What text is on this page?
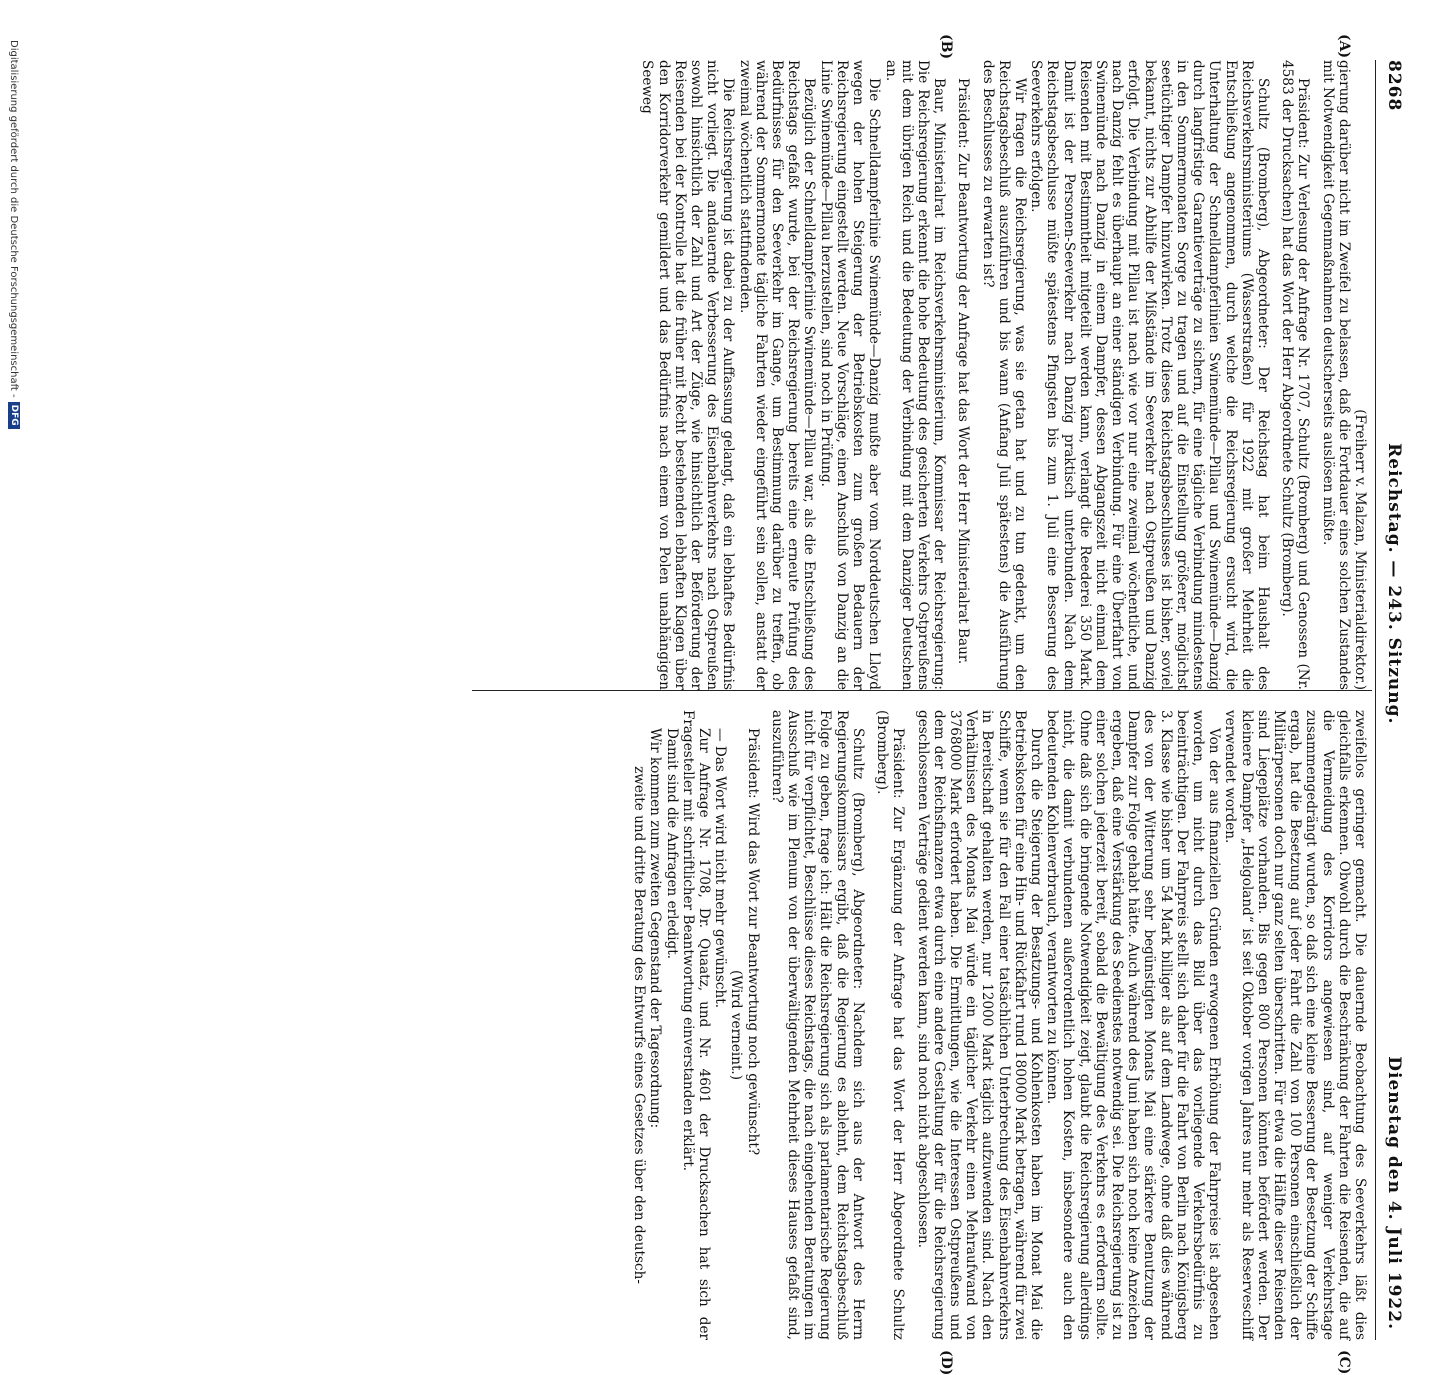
8268
Reichstag. — 243. Sitzung.
Dienstag den 4. Juli 1922.
(A)
(B)
(C)
(D)

(Freiherr v. Malzan, Ministerialdirektor.)

gierung darüber nicht im Zweifel zu belassen, daß die Fortdauer eines solchen Zustandes mit Notwendigkeit Gegenmaßnahmen deutscherseits auslösen müßte.

Präsident: Zur Verlesung der Anfrage Nr. 1707, Schultz (Bromberg) und Genossen (Nr. 4583 der Drucksachen) hat das Wort der Herr Abgeordnete Schultz (Bromberg).

Schultz (Bromberg), Abgeordneter: Der Reichstag hat beim Haushalt des Reichsverkehrsministeriums (Wasserstraßen) für 1922 mit großer Mehrheit die Entschließung angenommen, durch welche die Reichsregierung ersucht wird, die Unterhaltung der Schnelldampferlinien Swinemünde—Pillau und Swinemünde—Danzig durch langfristige Garantieverträge zu sichern, für eine tägliche Verbindung mindestens in den Sommermonaten Sorge zu tragen und auf die Einstellung größerer, möglichst seetüchtiger Dampfer hinzuwirken. Trotz dieses Reichstagsbeschlusses ist bisher, soviel bekannt, nichts zur Abhilfe der Mißstände im Seeverkehr nach Ostpreußen und Danzig erfolgt. Die Verbindung mit Pillau ist nach wie vor nur eine zweimal wöchentliche, und nach Danzig fehlt es überhaupt an einer ständigen Verbindung. Für eine Überfahrt von Swinemünde nach Danzig in einem Dampfer, dessen Abgangszeit nicht einmal dem Reisenden mit Bestimmtheit mitgeteilt werden kann, verlangt die Reederei 350 Mark. Damit ist der Personen-Seeverkehr nach Danzig praktisch unterbunden. Nach dem Reichstagsbeschlusse müßte spätestens Pfingsten bis zum 1. Juli eine Besserung des Seeverkehrs erfolgen.

Wir fragen die Reichsregierung, was sie getan hat und zu tun gedenkt, um den Reichstagsbeschluß auszuführen und bis wann (Anfang Juli spätestens) die Ausführung des Beschlusses zu erwarten ist?

Präsident: Zur Beantwortung der Anfrage hat das Wort der Herr Ministerialrat Baur.

Baur, Ministerialrat im Reichsverkehrsministerium, Kommissar der Reichsregierung: Die Reichsregierung erkennt die hohe Bedeutung des gesicherten Verkehrs Ostpreußens mit dem übrigen Reich und die Bedeutung der Verbindung mit dem Danziger Deutschen an.

Die Schnelldampferlinie Swinemünde—Danzig mußte aber vom Norddeutschen Lloyd wegen der hohen Steigerung der Betriebskosten zum großen Bedauern der Reichsregierung eingestellt werden. Neue Vorschläge, einen Anschluß von Danzig an die Linie Swinemünde—Pillau herzustellen, sind noch in Prüfung.

Bezüglich der Schnelldampferlinie Swinemünde—Pillau war, als die Entschließung des Reichstags gefaßt wurde, bei der Reichsregierung bereits eine erneute Prüfung des Bedürfnisses für den Seeverkehr im Gange, um Bestimmung darüber zu treffen, ob während der Sommermonate tägliche Fahrten wieder eingeführt sein sollen, anstatt der zweimal wöchentlich stattfindenden.

Die Reichsregierung ist dabei zu der Auffassung gelangt, daß ein lebhaftes Bedürfnis nicht vorliegt. Die andauernde Verbesserung des Eisenbahnverkehrs nach Ostpreußen sowohl hinsichtlich der Zahl und Art der Züge, wie hinsichtlich der Beförderung der Reisenden bei der Kontrolle hat die früher mit Recht bestehenden lebhaften Klagen über den Korridorverkehr gemildert und das Bedürfnis nach einem von Polen unabhängigen Seeweg

zweifellos geringer gemacht. Die dauernde Beobachtung des Seeverkehrs läßt dies gleichfalls erkennen. Obwohl durch die Beschränkung der Fahrten die Reisenden, die auf die Vermeidung des Korridors angewiesen sind, auf weniger Verkehrstage zusammengedrängt wurden, so daß sich eine kleine Besserung der Besetzung der Schiffe ergab, hat die Besetzung auf jeder Fahrt die Zahl von 100 Personen einschließlich der Militärpersonen doch nur ganz selten überschritten. Für etwa die Hälfte dieser Reisenden sind Liegeplätze vorhanden. Bis gegen 800 Personen könnten befördert werden. Der kleinere Dampfer „Helgoland“ ist seit Oktober vorigen Jahres nur mehr als Reserveschiff verwendet worden.

Von der aus finanziellen Gründen erwogenen Erhöhung der Fahrpreise ist abgesehen worden, um nicht durch das Bild über das vorliegende Verkehrsbedürfnis zu beeinträchtigen. Der Fahrpreis stellt sich daher für die Fahrt von Berlin nach Königsberg 3. Klasse wie bisher um 54 Mark billiger als auf dem Landwege, ohne daß dies während des von der Witterung sehr begünstigten Monats Mai eine stärkere Benutzung der Dampfer zur Folge gehabt hätte. Auch während des Juni haben sich noch keine Anzeichen ergeben, daß eine Verstärkung des Seedienstes notwendig sei. Die Reichsregierung ist zu einer solchen jederzeit bereit, sobald die Bewältigung des Verkehrs es erfordern sollte. Ohne daß sich die bringende Notwendigkeit zeigt, glaubt die Reichsregierung allerdings nicht, die damit verbundenen außerordentlich hohen Kosten, insbesondere auch den bedeutenden Kohlenverbrauch, verantworten zu können.

Durch die Steigerung der Besatzungs- und Kohlenkosten haben im Monat Mai die Betriebskosten für eine Hin- und Rückfahrt rund 180000 Mark betragen, während für zwei Schiffe, wenn sie für den Fall einer tatsächlichen Unterbrechung des Eisenbahnverkehrs in Bereitschaft gehalten werden, nur 12000 Mark täglich aufzuwenden sind. Nach den Verhältnissen des Monats Mai würde ein täglicher Verkehr einen Mehraufwand von 3768000 Mark erfordert haben. Die Ermittlungen, wie die Interessen Ostpreußens und dem der Reichsfinanzen etwa durch eine andere Gestaltung der für die Reichsregierung geschlossenen Verträge gedient werden kann, sind noch nicht abgeschlossen.

Präsident: Zur Ergänzung der Anfrage hat das Wort der Herr Abgeordnete Schultz (Bromberg).

Schultz (Bromberg), Abgeordneter: Nachdem sich aus der Antwort des Herrn Regierungskommissars ergibt, daß die Regierung es ablehnt, dem Reichstagsbeschluß Folge zu geben, frage ich: Hält die Reichsregierung sich als parlamentarische Regierung nicht für verpflichtet, Beschlüsse dieses Reichstags, die nach eingehenden Beratungen im Ausschuß wie im Plenum von der überwältigenden Mehrheit dieses Hauses gefaßt sind, auszuführen?

Präsident: Wird das Wort zur Beantwortung noch gewünscht?

(Wird verneint.)

— Das Wort wird nicht mehr gewünscht.

Zur Anfrage Nr. 1708, Dr. Quaatz, und Nr. 4601 der Drucksachen hat sich der Fragesteller mit schriftlicher Beantwortung einverstanden erklärt.

Damit sind die Anfragen erledigt.

Wir kommen zum zweiten Gegenstand der Tagesordnung:

zweite und dritte Beratung des Entwurfs eines Gesetzes über den deutsch-

Digitalisierung gefördert durch die Deutsche Forschungsgemeinschaft -
DFG
